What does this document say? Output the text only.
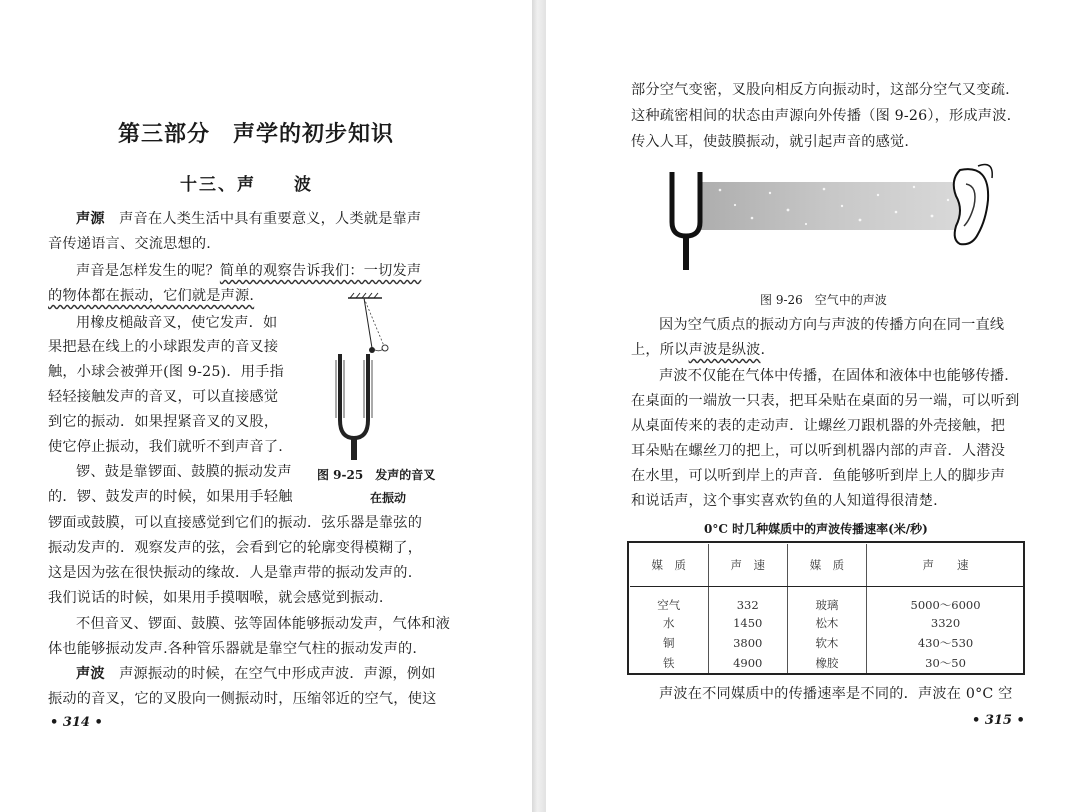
第三部分　声学的初步知识
十三、声　　波
声源　 声音在人类生活中具有重要意义，人类就是靠声
音传递语言、交流思想的.
声音是怎样发生的呢？简单的观察告诉我们：一切发声
的物体都在振动，它们就是声源.
用橡皮槌敲音叉，使它发声．如
果把悬在线上的小球跟发声的音叉接
触，小球会被弹开(图 9-25)．用手指
轻轻接触发声的音叉，可以直接感觉
到它的振动．如果捏紧音叉的叉股，
使它停止振动，我们就听不到声音了.
锣、鼓是靠锣面、鼓膜的振动发声
的．锣、鼓发声的时候，如果用手轻触
锣面或鼓膜，可以直接感觉到它们的振动．弦乐器是靠弦的
振动发声的．观察发声的弦，会看到它的轮廓变得模糊了，
这是因为弦在很快振动的缘故．人是靠声带的振动发声的.
我们说话的时候，如果用手摸咽喉，就会感觉到振动.
不但音叉、锣面、鼓膜、弦等固体能够振动发声，气体和液
体也能够振动发声.各种管乐器就是靠空气柱的振动发声的.
声波　 声源振动的时候，在空气中形成声波．声源，例如
振动的音叉，它的叉股向一侧振动时，压缩邻近的空气，使这
图 9-25　 发声的音叉
在振动
• 314 •
部分空气变密，叉股向相反方向振动时，这部分空气又变疏.
这种疏密相间的状态由声源向外传播（图 9-26），形成声波.
传入人耳，使鼓膜振动，就引起声音的感觉.
图 9-26　空气中的声波
因为空气质点的振动方向与声波的传播方向在同一直线
上，所以声波是纵波.
声波不仅能在气体中传播，在固体和液体中也能够传播.
在桌面的一端放一只表，把耳朵贴在桌面的另一端，可以听到
从桌面传来的表的走动声．让螺丝刀跟机器的外壳接触，把
耳朵贴在螺丝刀的把上，可以听到机器内部的声音．人潜没
在水里，可以听到岸上的声音．鱼能够听到岸上人的脚步声
和说话声，这个事实喜欢钓鱼的人知道得很清楚.
0°C 时几种媒质中的声波传播速率(米/秒)
媒　质	声　速	媒　质	声　　速
空气	332	玻璃	5000～6000
水	1450	松木	3320
铜	3800	软木	430～530
铁	4900	橡胶	30～50
声波在不同媒质中的传播速率是不同的．声波在 0°C 空
• 315 •
